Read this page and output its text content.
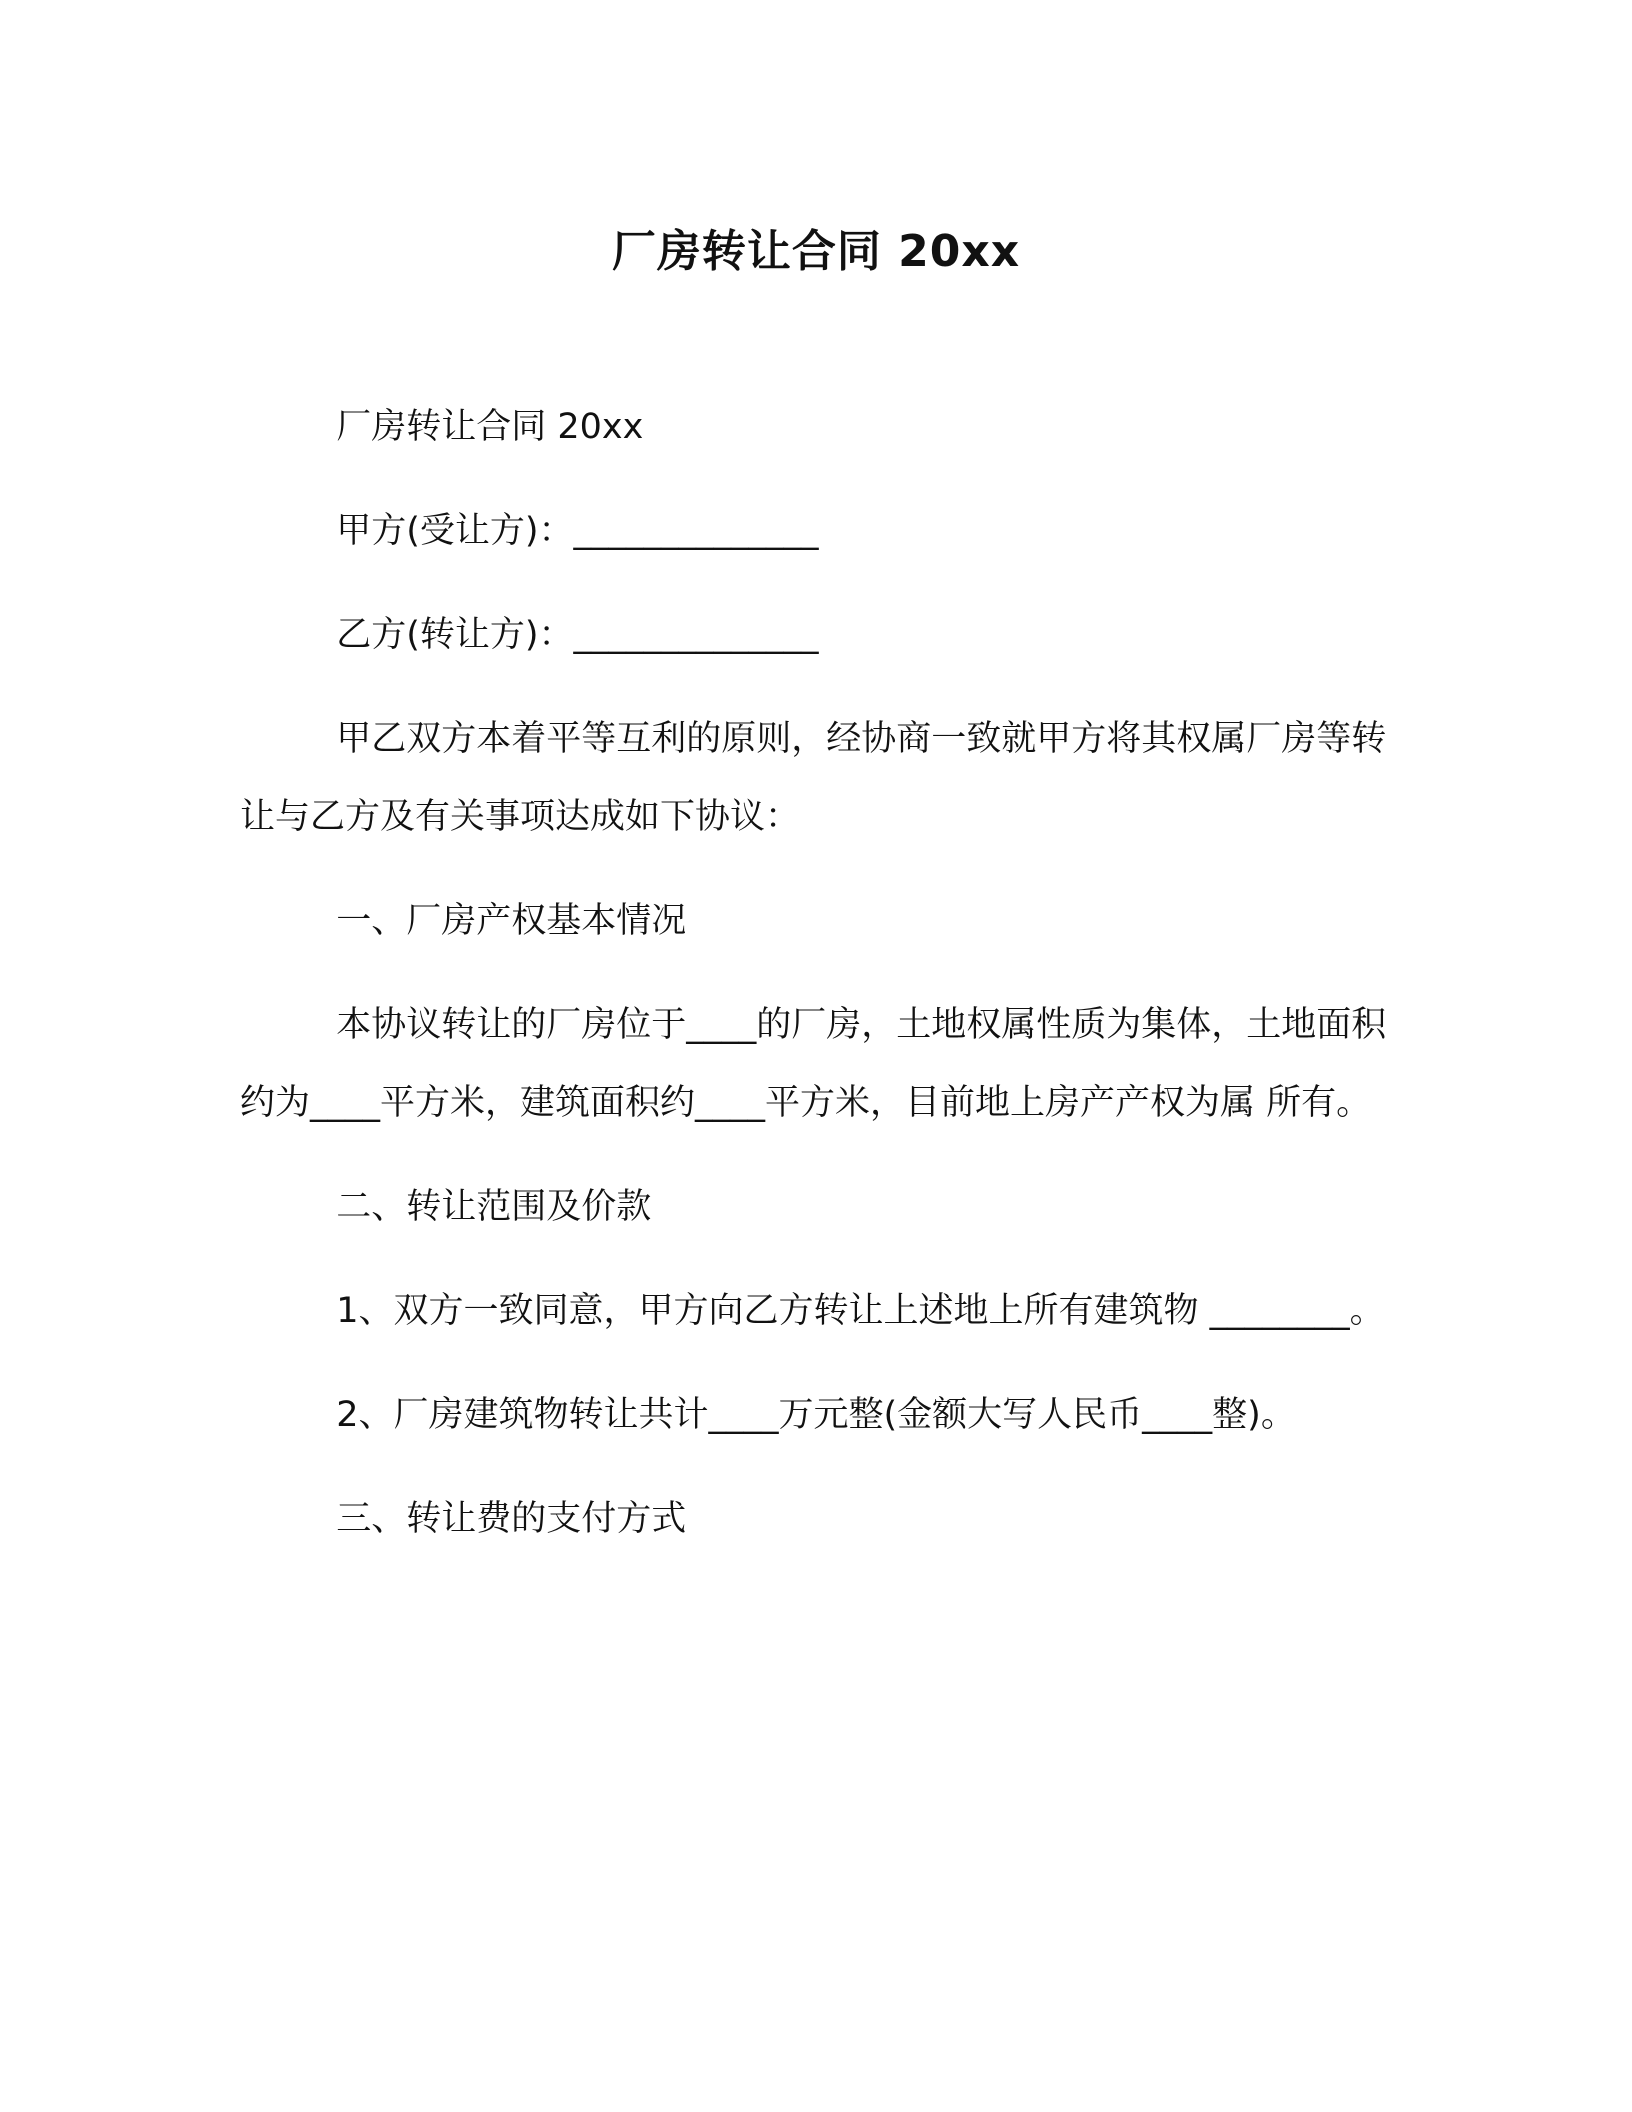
厂房转让合同 20xx

厂房转让合同 20xx

甲方(受让方)：______________

乙方(转让方)：______________

甲乙双方本着平等互利的原则，经协商一致就甲方将其权属厂房等转让与乙方及有关事项达成如下协议：

一、厂房产权基本情况

本协议转让的厂房位于____的厂房，土地权属性质为集体，土地面积约为____平方米，建筑面积约____平方米，目前地上房产产权为属 所有。

二、转让范围及价款

1、双方一致同意，甲方向乙方转让上述地上所有建筑物 ________。

2、厂房建筑物转让共计____万元整(金额大写人民币____整)。

三、转让费的支付方式
